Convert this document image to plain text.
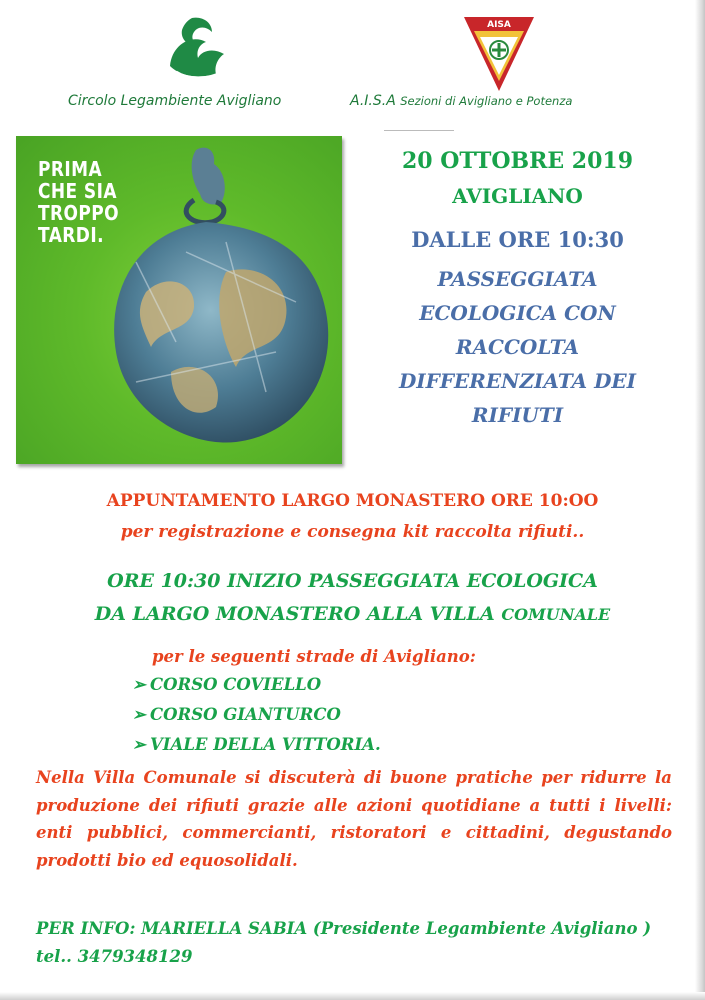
AISA
Circolo Legambiente Avigliano	A.I.S.A Sezioni di Avigliano e Potenza
PRIMA
CHE SIA
TROPPO
TARDI.
20 OTTOBRE 2019
AVIGLIANO
DALLE ORE 10:30
PASSEGGIATA
ECOLOGICA CON
RACCOLTA
DIFFERENZIATA DEI
RIFIUTI
APPUNTAMENTO LARGO MONASTERO ORE 10:OO
per registrazione e consegna kit raccolta rifiuti..
ORE 10:30 INIZIO PASSEGGIATA ECOLOGICA
DA LARGO MONASTERO ALLA VILLA COMUNALE
per le seguenti strade di Avigliano:
➢ CORSO COVIELLO
➢ CORSO GIANTURCO
➢ VIALE DELLA VITTORIA.
Nella Villa Comunale si discuterà di buone pratiche per ridurre la produzione dei rifiuti grazie alle azioni quotidiane a tutti i livelli: enti pubblici, commercianti, ristoratori e cittadini, degustando prodotti bio ed equosolidali.
PER INFO: MARIELLA SABIA (Presidente Legambiente Avigliano ) tel.. 3479348129
